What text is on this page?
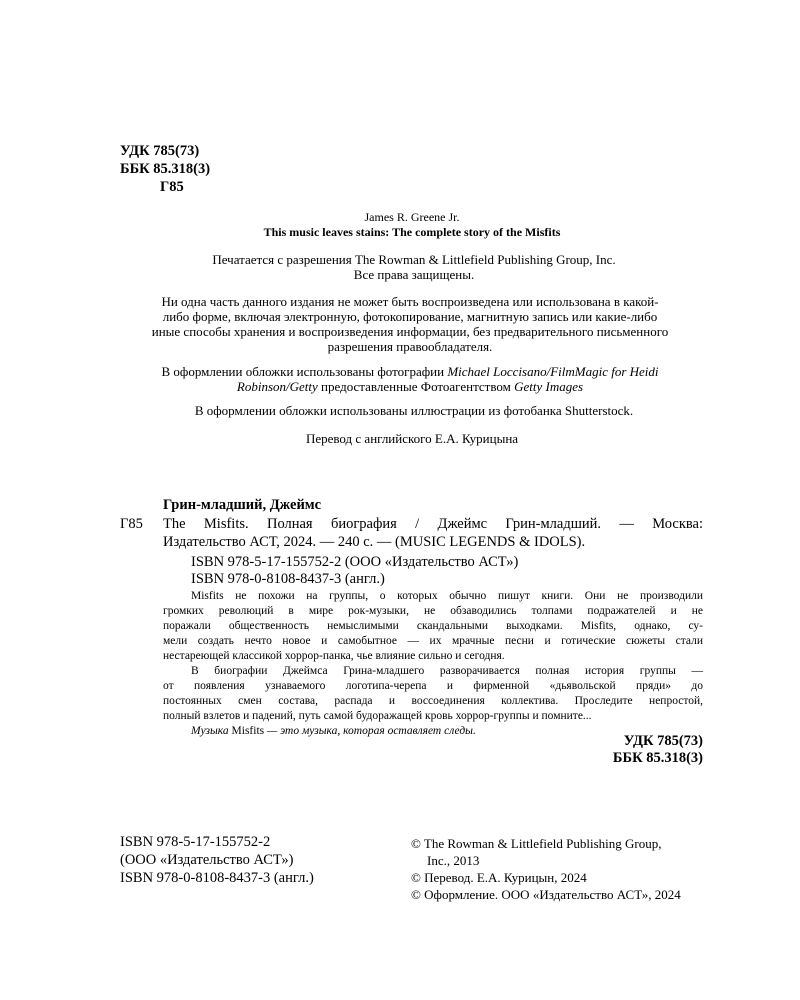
УДК 785(73)
ББК 85.318(3)
Г85
James R. Greene Jr.
This music leaves stains: The complete story of the Misfits
Печатается с разрешения The Rowman & Littlefield Publishing Group, Inc.
Все права защищены.
Ни одна часть данного издания не может быть воспроизведена или использована в какой-
либо форме, включая электронную, фотокопирование, магнитную запись или какие-либо
иные способы хранения и воспроизведения информации, без предварительного письменного
разрешения правообладателя.
В оформлении обложки использованы фотографии Michael Loccisano/FilmMagic for Heidi
Robinson/Getty предоставленные Фотоагентством Getty Images
В оформлении обложки использованы иллюстрации из фотобанка Shutterstock.
Перевод с английского Е.А. Курицына
Грин-младший, Джеймс
Г85 The Misfits. Полная биография / Джеймс Грин-младший. — Москва:
Издательство АСТ, 2024. — 240 с. — (MUSIC LEGENDS & IDOLS).
ISBN 978-5-17-155752-2 (ООО «Издательство АСТ»)
ISBN 978-0-8108-8437-3 (англ.)
Misfits не похожи на группы, о которых обычно пишут книги. Они не производили
громких революций в мире рок-музыки, не обзаводились толпами подражателей и не
поражали общественность немыслимыми скандальными выходками. Misfits, однако, су-
мели создать нечто новое и самобытное — их мрачные песни и готические сюжеты стали
нестареющей классикой хоррор-панка, чье влияние сильно и сегодня.
В биографии Джеймса Грина-младшего разворачивается полная история группы —
от появления узнаваемого логотипа-черепа и фирменной «дьявольской пряди» до
постоянных смен состава, распада и воссоединения коллектива. Проследите непростой,
полный взлетов и падений, путь самой будоражащей кровь хоррор-группы и помните...
Музыка Misfits — это музыка, которая оставляет следы.
УДК 785(73)
ББК 85.318(3)
ISBN 978-5-17-155752-2
(ООО «Издательство АСТ»)
ISBN 978-0-8108-8437-3 (англ.)
© The Rowman & Littlefield Publishing Group,
Inc., 2013
© Перевод. Е.А. Курицын, 2024
© Оформление. ООО «Издательство АСТ», 2024
